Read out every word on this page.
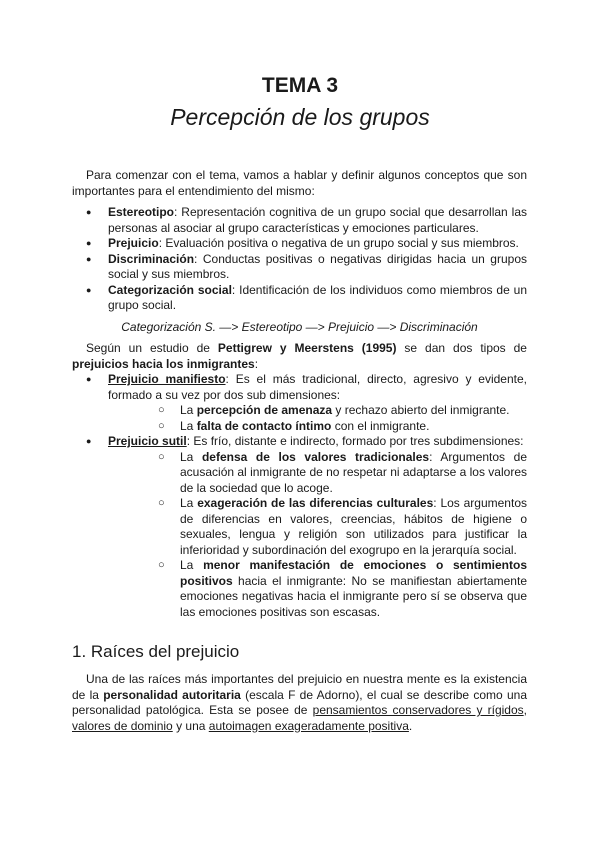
TEMA 3
Percepción de los grupos

Para comenzar con el tema, vamos a hablar y definir algunos conceptos que son importantes para el entendimiento del mismo:

● Estereotipo: Representación cognitiva de un grupo social que desarrollan las personas al asociar al grupo características y emociones particulares.
● Prejuicio: Evaluación positiva o negativa de un grupo social y sus miembros.
● Discriminación: Conductas positivas o negativas dirigidas hacia un grupos social y sus miembros.
● Categorización social: Identificación de los individuos como miembros de un grupo social.

Categorización S. —> Estereotipo —> Prejuicio —> Discriminación

Según un estudio de Pettigrew y Meerstens (1995) se dan dos tipos de prejuicios hacia los inmigrantes:

● Prejuicio manifiesto: Es el más tradicional, directo, agresivo y evidente, formado a su vez por dos sub dimensiones:
○ La percepción de amenaza y rechazo abierto del inmigrante.
○ La falta de contacto íntimo con el inmigrante.
● Prejuicio sutil: Es frío, distante e indirecto, formado por tres subdimensiones:
○ La defensa de los valores tradicionales: Argumentos de acusación al inmigrante de no respetar ni adaptarse a los valores de la sociedad que lo acoge.
○ La exageración de las diferencias culturales: Los argumentos de diferencias en valores, creencias, hábitos de higiene o sexuales, lengua y religión son utilizados para justificar la inferioridad y subordinación del exogrupo en la jerarquía social.
○ La menor manifestación de emociones o sentimientos positivos hacia el inmigrante: No se manifiestan abiertamente emociones negativas hacia el inmigrante pero sí se observa que las emociones positivas son escasas.
1. Raíces del prejuicio

Una de las raíces más importantes del prejuicio en nuestra mente es la existencia de la personalidad autoritaria (escala F de Adorno), el cual se describe como una personalidad patológica. Esta se posee de pensamientos conservadores y rígidos, valores de dominio y una autoimagen exageradamente positiva.
